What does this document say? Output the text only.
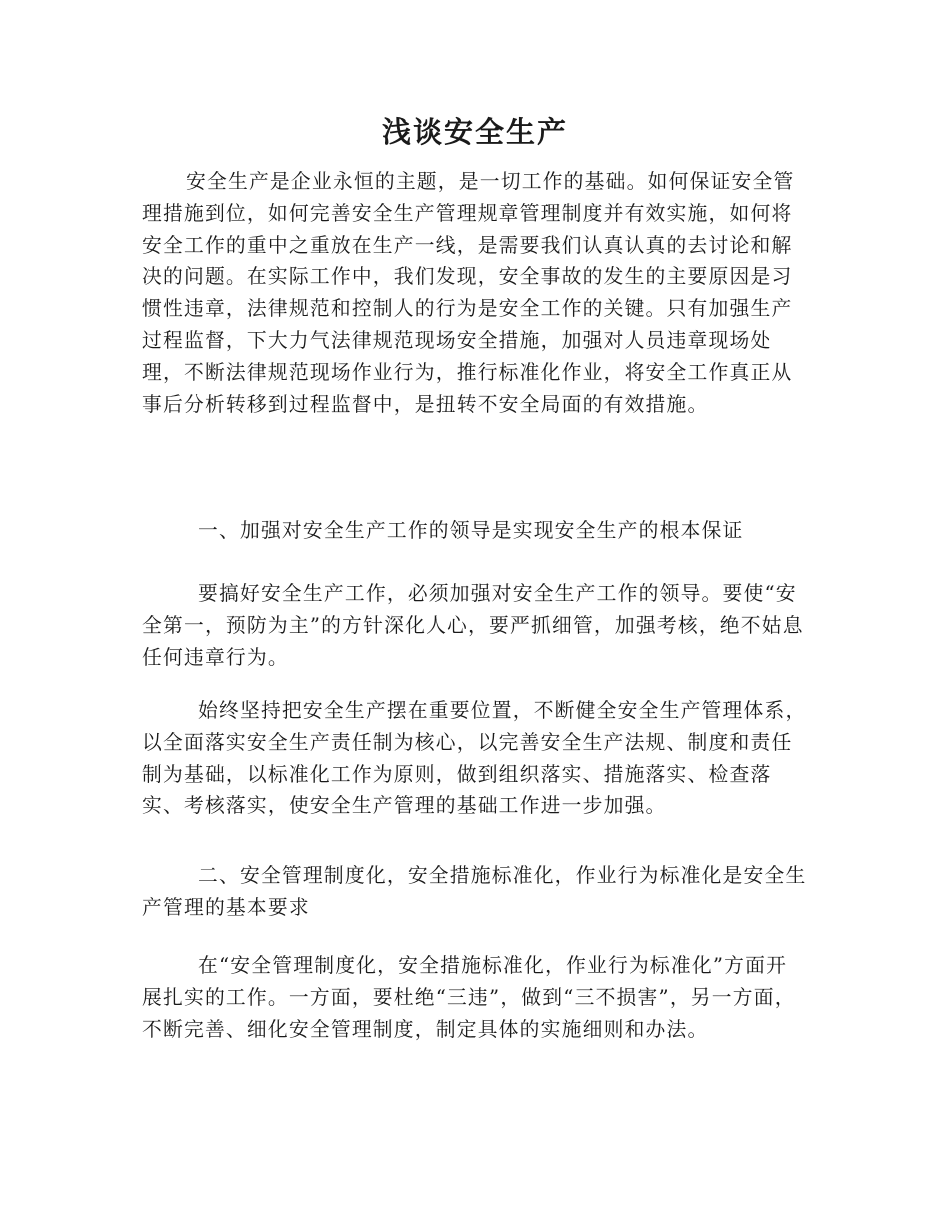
浅谈安全生产

安全生产是企业永恒的主题，是一切工作的基础。如何保证安全管理措施到位，如何完善安全生产管理规章管理制度并有效实施，如何将安全工作的重中之重放在生产一线，是需要我们认真认真的去讨论和解决的问题。在实际工作中，我们发现，安全事故的发生的主要原因是习惯性违章，法律规范和控制人的行为是安全工作的关键。只有加强生产过程监督，下大力气法律规范现场安全措施，加强对人员违章现场处理，不断法律规范现场作业行为，推行标准化作业，将安全工作真正从事后分析转移到过程监督中，是扭转不安全局面的有效措施。

一、加强对安全生产工作的领导是实现安全生产的根本保证

要搞好安全生产工作，必须加强对安全生产工作的领导。要使“安全第一，预防为主”的方针深化人心，要严抓细管，加强考核，绝不姑息任何违章行为。

始终坚持把安全生产摆在重要位置，不断健全安全生产管理体系，以全面落实安全生产责任制为核心，以完善安全生产法规、制度和责任制为基础，以标准化工作为原则，做到组织落实、措施落实、检查落实、考核落实，使安全生产管理的基础工作进一步加强。

二、安全管理制度化，安全措施标准化，作业行为标准化是安全生产管理的基本要求

在“安全管理制度化，安全措施标准化，作业行为标准化”方面开展扎实的工作。一方面，要杜绝“三违”，做到“三不损害”，另一方面，不断完善、细化安全管理制度，制定具体的实施细则和办法。
